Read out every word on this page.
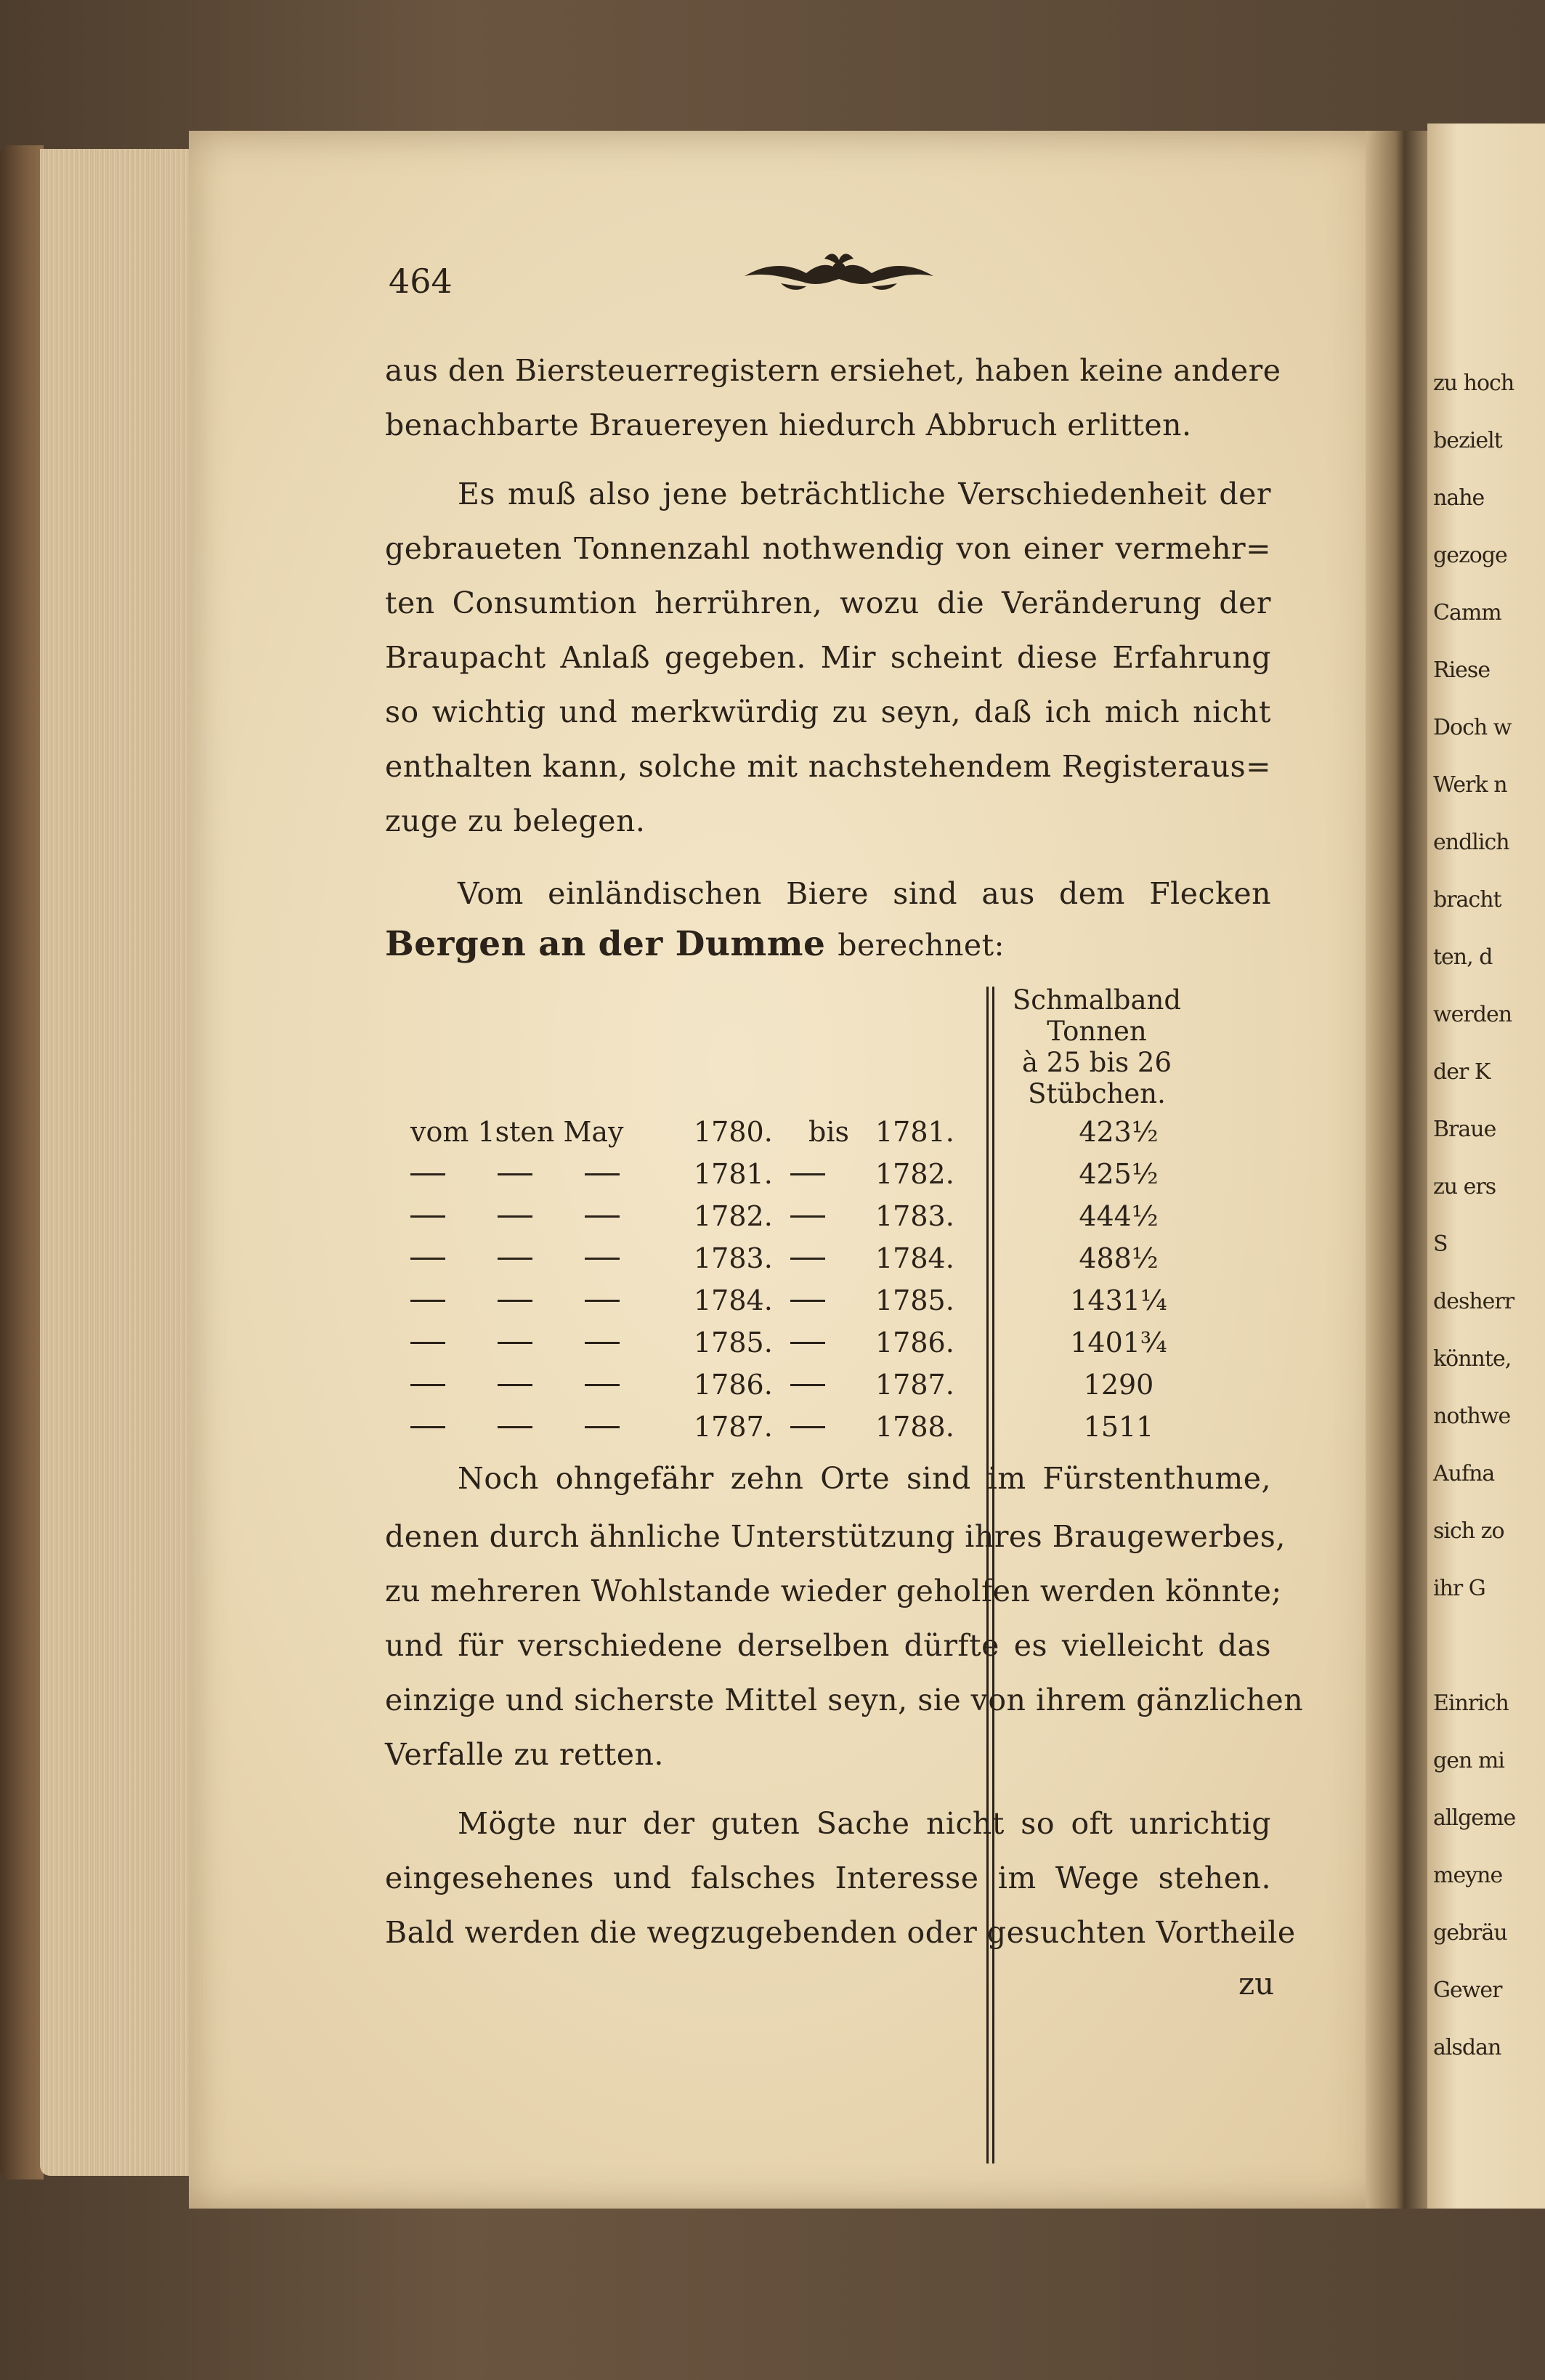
zu hoch
bezielt
nahe
gezoge
Camm
Riese
Doch w
Werk n
endlich
bracht
ten, d
werden
der K
Braue
zu ers
S
desherr
könnte,
nothwe
Aufna
sich zo
ihr G
Einrich
gen mi
allgeme
meyne
gebräu
Gewer
alsdan
464
aus den Biersteuerregistern ersiehet, haben keine andere
benachbarte Brauereyen hiedurch Abbruch erlitten.
Es muß also jene beträchtliche Verschiedenheit der
gebraueten Tonnenzahl nothwendig von einer vermehr=
ten Consumtion herrühren, wozu die Veränderung der
Braupacht Anlaß gegeben. Mir scheint diese Erfahrung
so wichtig und merkwürdig zu seyn, daß ich mich nicht
enthalten kann, solche mit nachstehendem Registeraus=
zuge zu belegen.
Vom einländischen Biere sind aus dem Flecken
Bergen an der Dumme berechnet:
Schmalband
Tonnen
à 25 bis 26
Stübchen.
vom 1sten May	1780. bis 1781.	423½
1781.	1782.	425½
1782.	1783.	444½
1783.	1784.	488½
1784.	1785.	1431¼
1785.	1786.	1401¾
1786.	1787.	1290
1787.	1788.	1511
Noch ohngefähr zehn Orte sind im Fürstenthume,
denen durch ähnliche Unterstützung ihres Braugewerbes,
zu mehreren Wohlstande wieder geholfen werden könnte;
und für verschiedene derselben dürfte es vielleicht das
einzige und sicherste Mittel seyn, sie von ihrem gänzlichen
Verfalle zu retten.
Mögte nur der guten Sache nicht so oft unrichtig
eingesehenes und falsches Interesse im Wege stehen.
Bald werden die wegzugebenden oder gesuchten Vortheile
zu
